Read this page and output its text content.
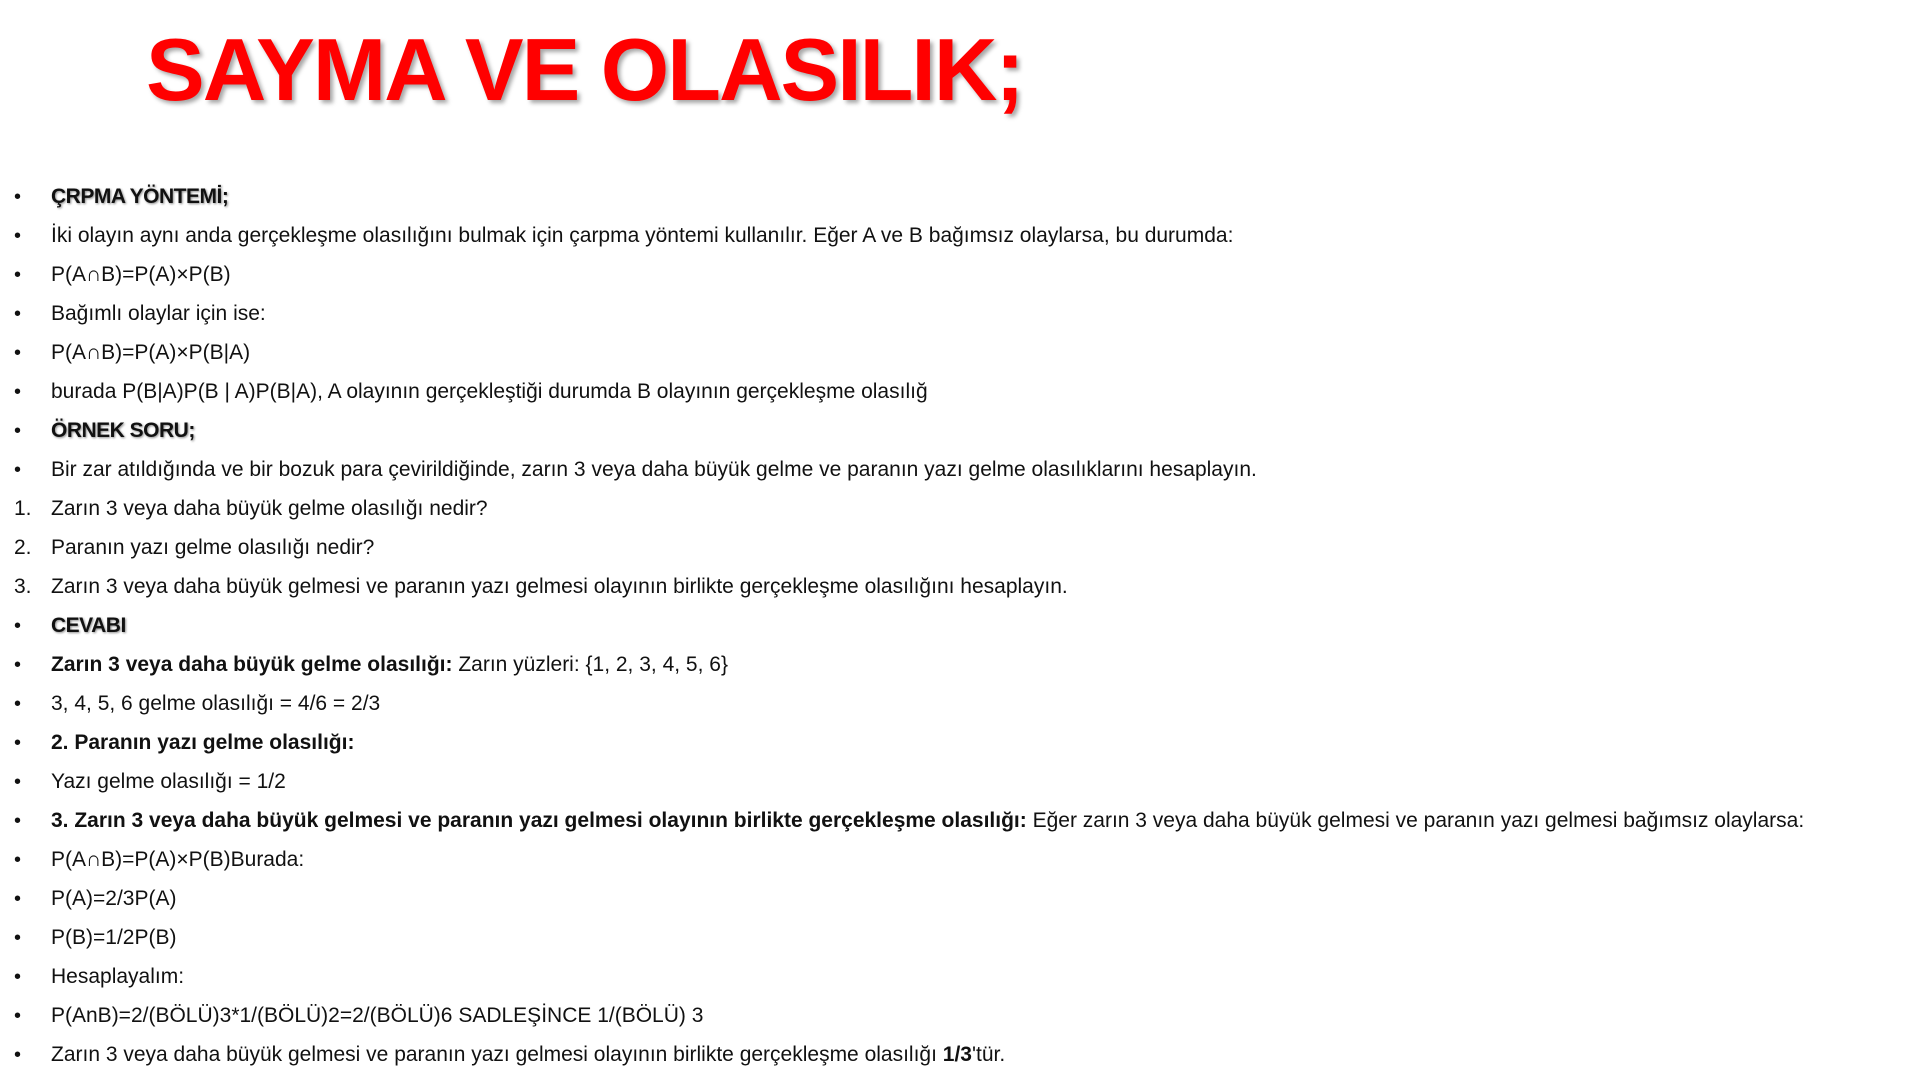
SAYMA VE OLASILIK;
•
ÇRPMA YÖNTEMİ;
•
İki olayın aynı anda gerçekleşme olasılığını bulmak için çarpma yöntemi kullanılır. Eğer A ve B bağımsız olaylarsa, bu durumda:
•
P(A∩B)=P(A)×P(B)
•
Bağımlı olaylar için ise:
•
P(A∩B)=P(A)×P(B|A)
•
burada P(B|A)P(B | A)P(B|A), A olayının gerçekleştiği durumda B olayının gerçekleşme olasılığ
•
ÖRNEK SORU;
•
Bir zar atıldığında ve bir bozuk para çevirildiğinde, zarın 3 veya daha büyük gelme ve paranın yazı gelme olasılıklarını hesaplayın.
1. Zarın 3 veya daha büyük gelme olasılığı nedir?
2. Paranın yazı gelme olasılığı nedir?
3. Zarın 3 veya daha büyük gelmesi ve paranın yazı gelmesi olayının birlikte gerçekleşme olasılığını hesaplayın.
•
CEVABI
•
Zarın 3 veya daha büyük gelme olasılığı: Zarın yüzleri: {1, 2, 3, 4, 5, 6}
•
3, 4, 5, 6 gelme olasılığı = 4/6 = 2/3
•
2. Paranın yazı gelme olasılığı:
•
Yazı gelme olasılığı = 1/2
•
3. Zarın 3 veya daha büyük gelmesi ve paranın yazı gelmesi olayının birlikte gerçekleşme olasılığı: Eğer zarın 3 veya daha büyük gelmesi ve paranın yazı gelmesi bağımsız olaylarsa:
•
P(A∩B)=P(A)×P(B)Burada:
•
P(A)=2/3P(A)
•
P(B)=1/2P(B)
•
Hesaplayalım:
•
P(AnB)=2/(BÖLÜ)3*1/(BÖLÜ)2=2/(BÖLÜ)6 SADLEŞİNCE 1/(BÖLÜ) 3
•
Zarın 3 veya daha büyük gelmesi ve paranın yazı gelmesi olayının birlikte gerçekleşme olasılığı 1/3'tür.
